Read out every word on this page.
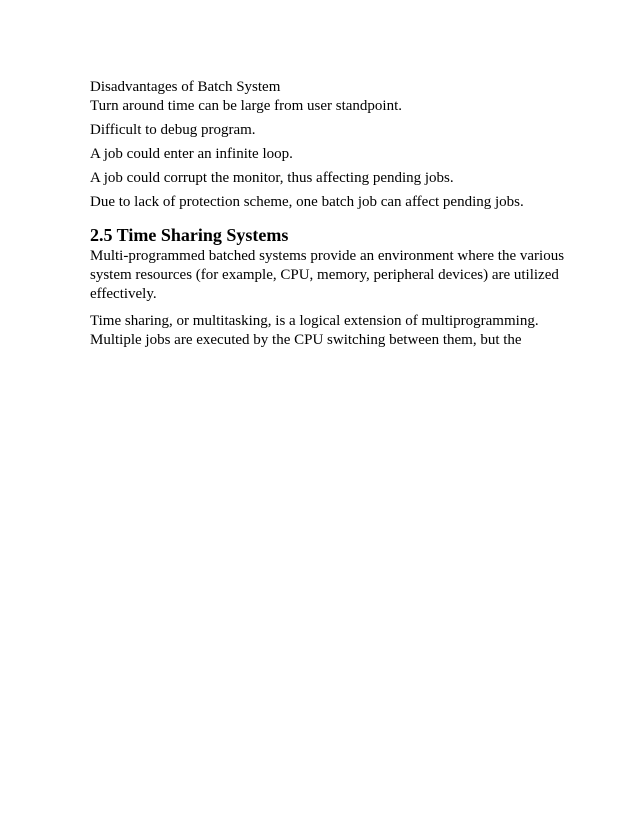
Disadvantages of Batch System

Turn around time can be large from user standpoint.

Difficult to debug program.

A job could enter an infinite loop.

A job could corrupt the monitor, thus affecting pending jobs.

Due to lack of protection scheme, one batch job can affect pending jobs.

2.5 Time Sharing Systems

Multi-programmed batched systems provide an environment where the various
system resources (for example, CPU, memory, peripheral devices) are utilized
effectively.

Time sharing, or multitasking, is a logical extension of multiprogramming.
Multiple jobs are executed by the CPU switching between them, but the
